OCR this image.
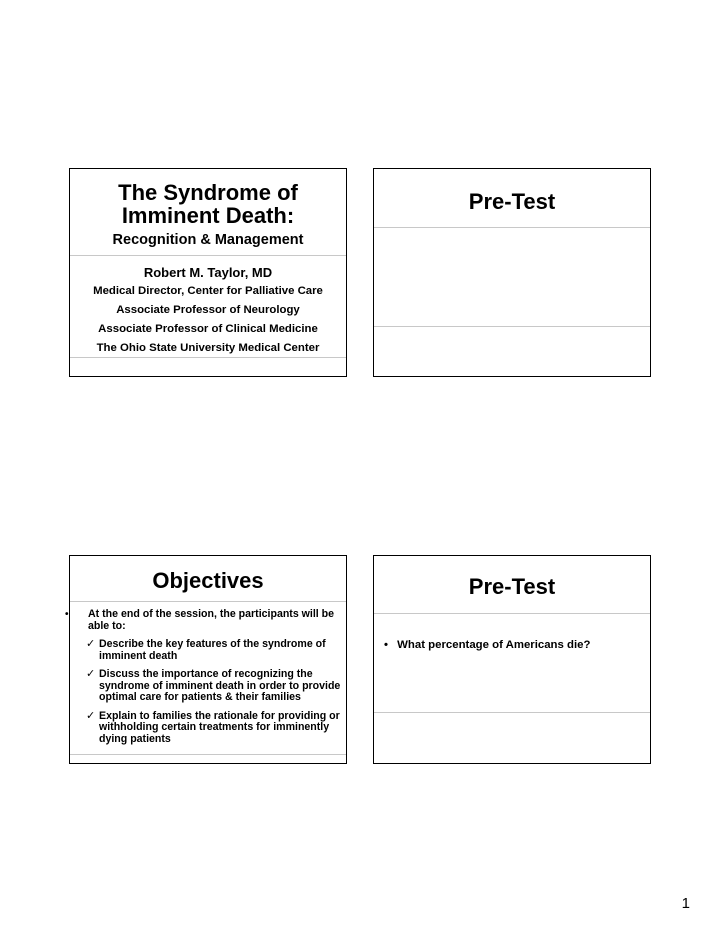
The Syndrome of
Imminent Death:
Recognition & Management
Robert M. Taylor, MD
Medical Director, Center for Palliative Care
Associate Professor of Neurology
Associate Professor of Clinical Medicine
The Ohio State University Medical Center
Pre-Test
Objectives
• At the end of the session, the participants will be able to:
✓ Describe the key features of the syndrome of imminent death
✓ Discuss the importance of recognizing the syndrome of imminent death in order to provide optimal care for patients & their families
✓ Explain to families the rationale for providing or withholding certain treatments for imminently dying patients
Pre-Test
• What percentage of Americans die?
1
